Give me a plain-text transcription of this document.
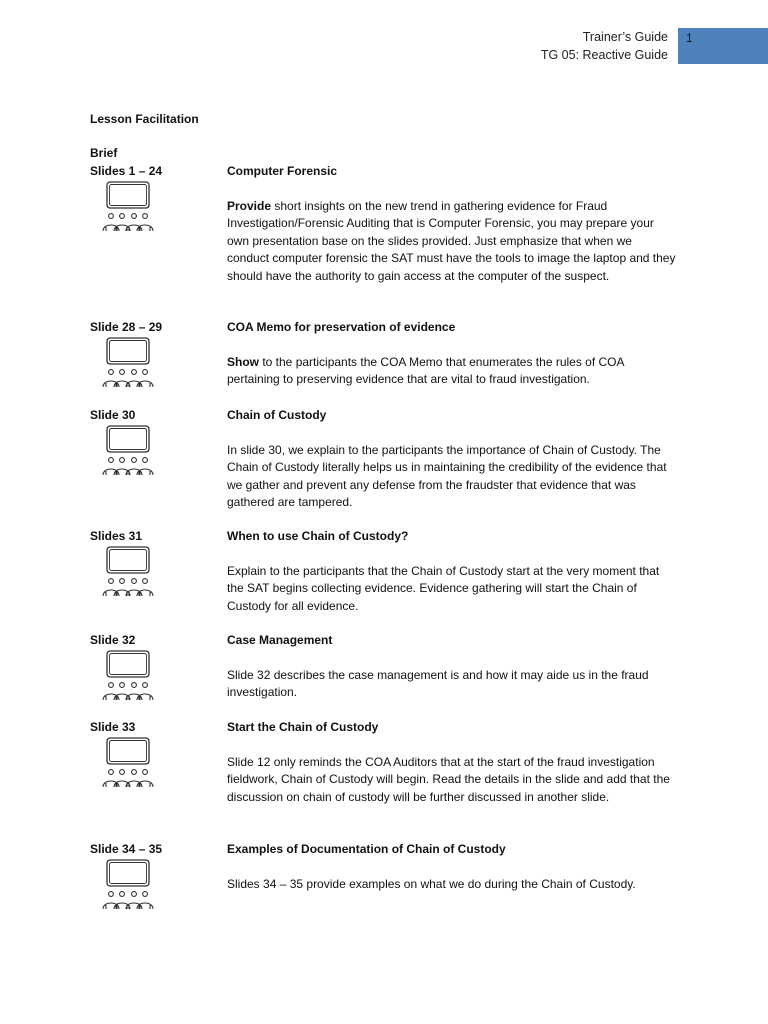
Trainer’s Guide
TG 05: Reactive Guide
1
Lesson Facilitation
Brief
Slides 1 – 24	Computer Forensic

Provide short insights on the new trend in gathering evidence for Fraud Investigation/Forensic Auditing that is Computer Forensic, you may prepare your own presentation base on the slides provided. Just emphasize that when we conduct computer forensic the SAT must have the tools to image the laptop and they should have the authority to gain access at the computer of the suspect.

Slide 28 – 29	COA Memo for preservation of evidence

Show to the participants the COA Memo that enumerates the rules of COA pertaining to preserving evidence that are vital to fraud investigation.

Slide 30	Chain of Custody

In slide 30, we explain to the participants the importance of Chain of Custody. The Chain of Custody literally helps us in maintaining the credibility of the evidence that we gather and prevent any defense from the fraudster that evidence that was gathered are tampered.

Slides 31	When to use Chain of Custody?

Explain to the participants that the Chain of Custody start at the very moment that the SAT begins collecting evidence. Evidence gathering will start the Chain of Custody for all evidence.

Slide 32	Case Management

Slide 32 describes the case management is and how it may aide us in the fraud investigation.

Slide 33	Start the Chain of Custody

Slide 12 only reminds the COA Auditors that at the start of the fraud investigation fieldwork, Chain of Custody will begin. Read the details in the slide and add that the discussion on chain of custody will be further discussed in another slide.

Slide 34 – 35	Examples of Documentation of Chain of Custody

Slides 34 – 35 provide examples on what we do during the Chain of Custody.
